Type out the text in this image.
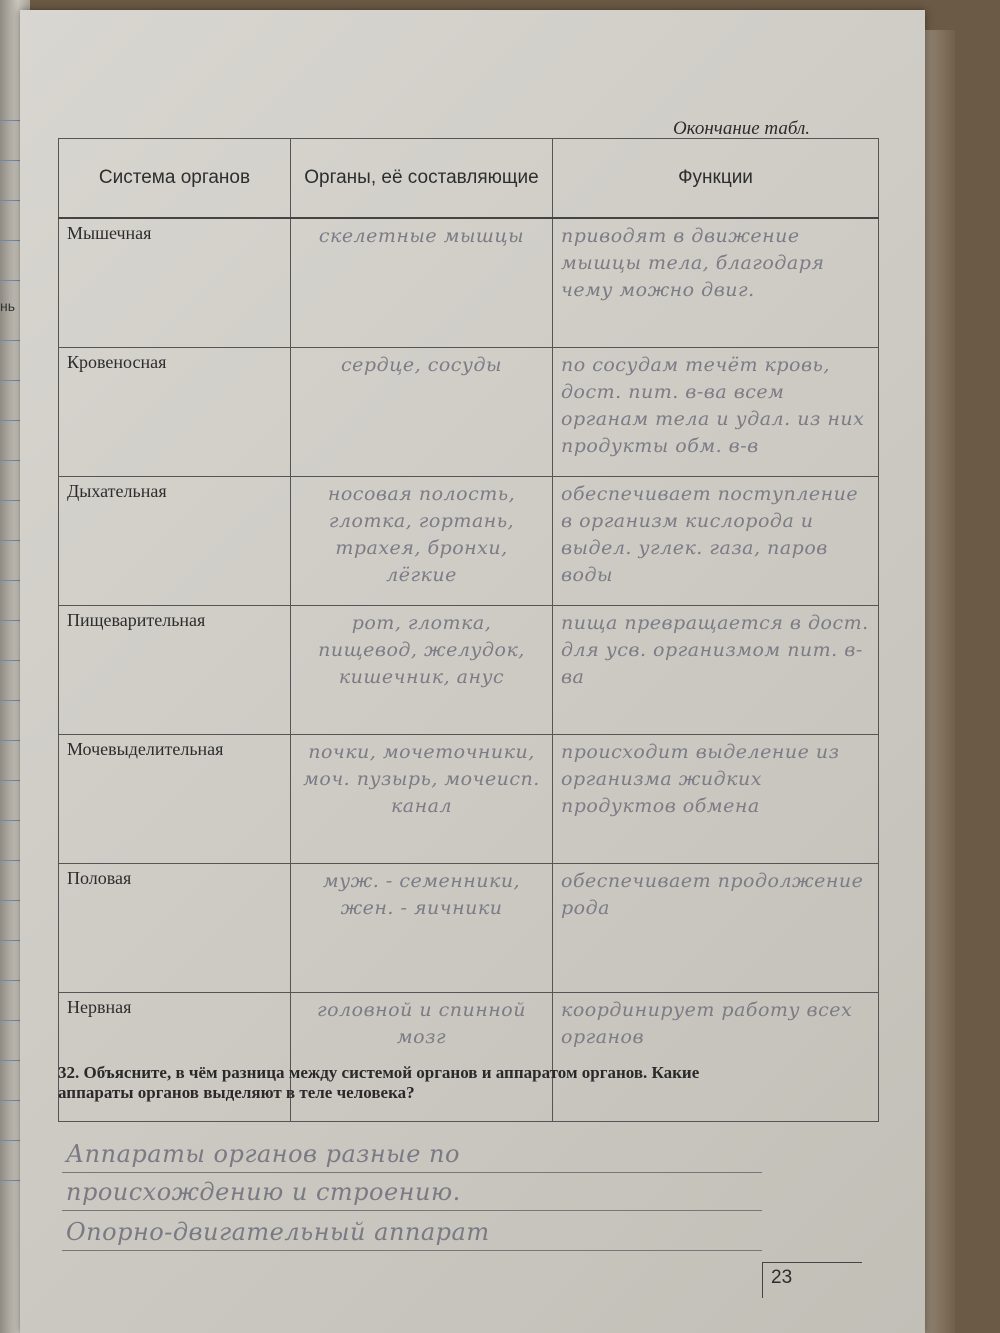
нь
Окончание табл.
Система органов	Органы, её составляющие	Функции
Мышечная	скелетные мышцы	приводят в движение мышцы тела, благодаря чему можно двиг.
Кровеносная	сердце, сосуды	по сосудам течёт кровь, дост. пит. в-ва всем органам тела и удал. из них продукты обм. в-в
Дыхательная	носовая полость, глотка, гортань, трахея, бронхи, лёгкие	обеспечивает поступление в организм кислорода и выдел. углек. газа, паров воды
Пищеварительная	рот, глотка, пищевод, желудок, кишечник, анус	пища превращается в дост. для усв. организмом пит. в-ва
Мочевыделительная	почки, мочеточники, моч. пузырь, мочеисп. канал	происходит выделение из организма жидких продуктов обмена
Половая	муж. - семенники, жен. - яичники	обеспечивает продолжение рода
Нервная	головной и спинной мозг	координирует работу всех органов
32. Объясните, в чём разница между системой органов и аппаратом органов. Какие аппараты органов выделяют в теле человека?
Аппараты органов разные по
происхождению и строению.
Опорно-двигательный аппарат
23
